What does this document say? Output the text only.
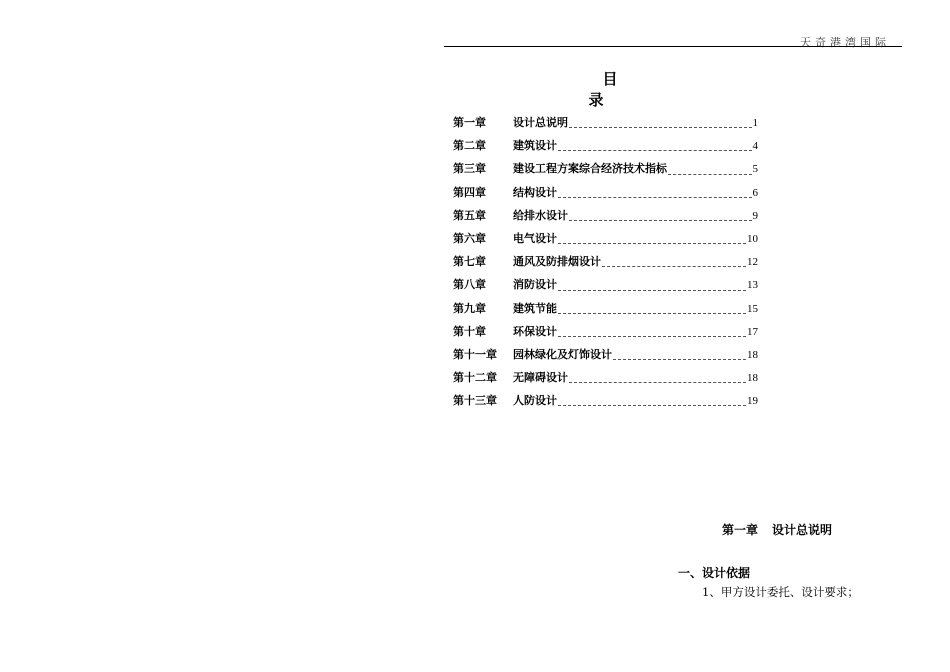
天奇港湾国际
目录
第一章	设计总说明	1
第二章	建筑设计	4
第三章	建设工程方案综合经济技术指标	5
第四章	结构设计	6
第五章	给排水设计	9
第六章	电气设计	10
第七章	通风及防排烟设计	12
第八章	消防设计	13
第九章	建筑节能	15
第十章	环保设计	17
第十一章	园林绿化及灯饰设计	18
第十二章	无障碍设计	18
第十三章	人防设计	19
第一章 设计总说明
一、设计依据
1、甲方设计委托、设计要求；
